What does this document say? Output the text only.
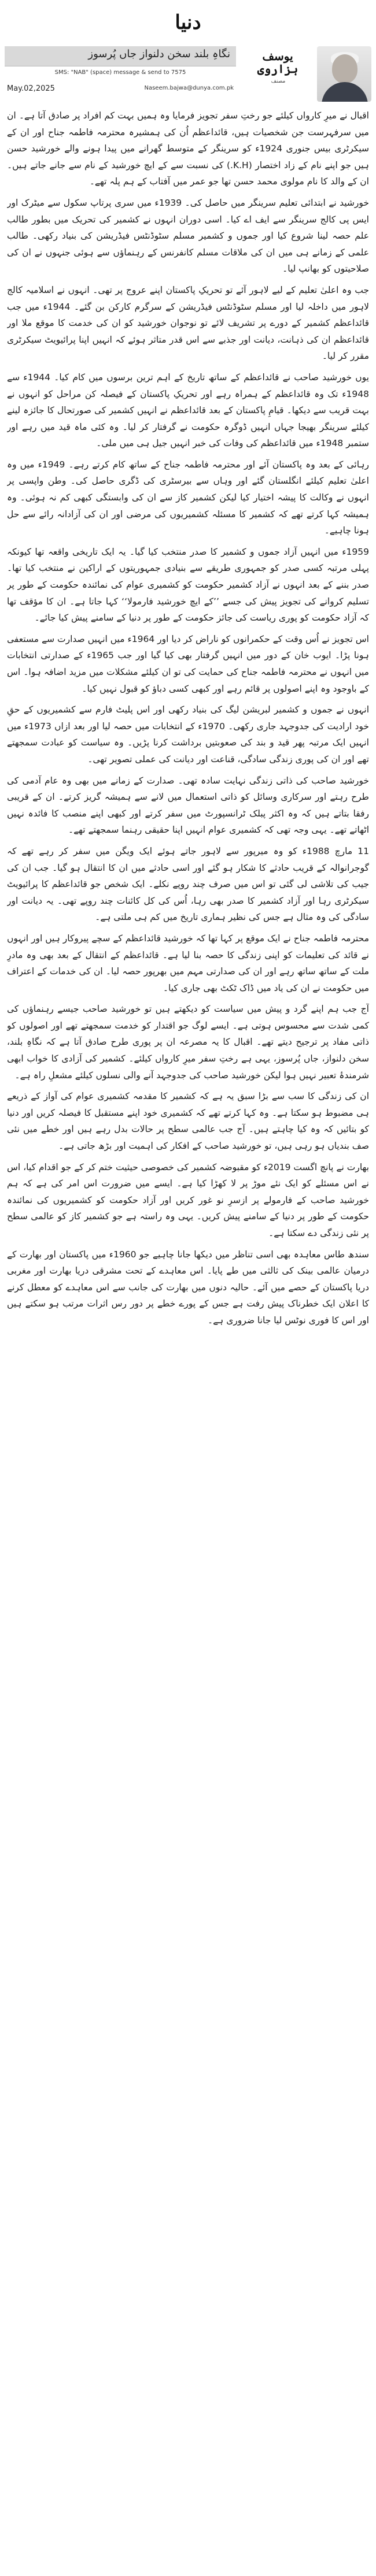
دنیا
نگاہِ بلند سخن دلنواز جاں پُرسوز
SMS: "NAB" (space) message & send to 7575
May.02,2025	Naseem.bajwa@dunya.com.pk
یوسف
ہزاروی
مصنف

اقبال نے میرِ کارواں کیلئے جو رختِ سفر تجویز فرمایا وہ ہمیں بہت کم افراد پر صادق آتا ہے۔ ان میں سرفہرست جن شخصیات ہیں، قائداعظم اُن کی ہمشیرہ محترمہ فاطمہ جناح اور ان کے سیکرٹری بیس جنوری 1924ء کو سرینگر کے متوسط گھرانے میں پیدا ہونے والے خورشید حسن ہیں جو اپنے نام کے زاد اختصار (K.H.) کی نسبت سے کے ایچ خورشید کے نام سے جانے جاتے ہیں۔ ان کے والد کا نام مولوی محمد حسن تھا جو عمر میں آفتاب کے ہم پلہ تھے۔

خورشید نے ابتدائی تعلیم سرینگر میں حاصل کی۔ 1939ء میں سری پرتاپ سکول سے میٹرک اور ایس پی کالج سرینگر سے ایف اے کیا۔ اسی دوران انہوں نے کشمیر کی تحریک میں بطور طالب علم حصہ لینا شروع کیا اور جموں و کشمیر مسلم سٹوڈنٹس فیڈریشن کی بنیاد رکھی۔ طالب علمی کے زمانے ہی میں ان کی ملاقات مسلم کانفرنس کے رہنماؤں سے ہوئی جنہوں نے ان کی صلاحیتوں کو بھانپ لیا۔

جب وہ اعلیٰ تعلیم کے لیے لاہور آئے تو تحریکِ پاکستان اپنے عروج پر تھی۔ انہوں نے اسلامیہ کالج لاہور میں داخلہ لیا اور مسلم سٹوڈنٹس فیڈریشن کے سرگرم کارکن بن گئے۔ 1944ء میں جب قائداعظم کشمیر کے دورے پر تشریف لائے تو نوجوان خورشید کو ان کی خدمت کا موقع ملا اور قائداعظم ان کی ذہانت، دیانت اور جذبے سے اس قدر متاثر ہوئے کہ انہیں اپنا پرائیویٹ سیکرٹری مقرر کر لیا۔

یوں خورشید صاحب نے قائداعظم کے ساتھ تاریخ کے اہم ترین برسوں میں کام کیا۔ 1944ء سے 1948ء تک وہ قائداعظم کے ہمراہ رہے اور تحریکِ پاکستان کے فیصلہ کن مراحل کو انہوں نے بہت قریب سے دیکھا۔ قیامِ پاکستان کے بعد قائداعظم نے انہیں کشمیر کی صورتحال کا جائزہ لینے کیلئے سرینگر بھیجا جہاں انہیں ڈوگرہ حکومت نے گرفتار کر لیا۔ وہ کئی ماہ قید میں رہے اور ستمبر 1948ء میں قائداعظم کی وفات کی خبر انہیں جیل ہی میں ملی۔

رہائی کے بعد وہ پاکستان آئے اور محترمہ فاطمہ جناح کے ساتھ کام کرتے رہے۔ 1949ء میں وہ اعلیٰ تعلیم کیلئے انگلستان گئے اور وہاں سے بیرسٹری کی ڈگری حاصل کی۔ وطن واپسی پر انہوں نے وکالت کا پیشہ اختیار کیا لیکن کشمیر کاز سے ان کی وابستگی کبھی کم نہ ہوئی۔ وہ ہمیشہ کہا کرتے تھے کہ کشمیر کا مسئلہ کشمیریوں کی مرضی اور ان کی آزادانہ رائے سے حل ہونا چاہیے۔

1959ء میں انہیں آزاد جموں و کشمیر کا صدر منتخب کیا گیا۔ یہ ایک تاریخی واقعہ تھا کیونکہ پہلی مرتبہ کسی صدر کو جمہوری طریقے سے بنیادی جمہوریتوں کے اراکین نے منتخب کیا تھا۔ صدر بننے کے بعد انہوں نے آزاد کشمیر حکومت کو کشمیری عوام کی نمائندہ حکومت کے طور پر تسلیم کروانے کی تجویز پیش کی جسے ’’کے ایچ خورشید فارمولا‘‘ کہا جاتا ہے۔ ان کا مؤقف تھا کہ آزاد حکومت کو پوری ریاست کی جائز حکومت کے طور پر دنیا کے سامنے پیش کیا جائے۔

اس تجویز نے اُس وقت کے حکمرانوں کو ناراض کر دیا اور 1964ء میں انہیں صدارت سے مستعفی ہونا پڑا۔ ایوب خان کے دور میں انہیں گرفتار بھی کیا گیا اور جب 1965ء کے صدارتی انتخابات میں انہوں نے محترمہ فاطمہ جناح کی حمایت کی تو ان کیلئے مشکلات میں مزید اضافہ ہوا۔ اس کے باوجود وہ اپنے اصولوں پر قائم رہے اور کبھی کسی دباؤ کو قبول نہیں کیا۔

انہوں نے جموں و کشمیر لبریشن لیگ کی بنیاد رکھی اور اس پلیٹ فارم سے کشمیریوں کے حقِ خود ارادیت کی جدوجہد جاری رکھی۔ 1970ء کے انتخابات میں حصہ لیا اور بعد ازاں 1973ء میں انہیں ایک مرتبہ پھر قید و بند کی صعوبتیں برداشت کرنا پڑیں۔ وہ سیاست کو عبادت سمجھتے تھے اور ان کی پوری زندگی سادگی، قناعت اور دیانت کی عملی تصویر تھی۔

خورشید صاحب کی ذاتی زندگی نہایت سادہ تھی۔ صدارت کے زمانے میں بھی وہ عام آدمی کی طرح رہتے اور سرکاری وسائل کو ذاتی استعمال میں لانے سے ہمیشہ گریز کرتے۔ ان کے قریبی رفقا بتاتے ہیں کہ وہ اکثر پبلک ٹرانسپورٹ میں سفر کرتے اور کبھی اپنے منصب کا فائدہ نہیں اٹھاتے تھے۔ یہی وجہ تھی کہ کشمیری عوام انہیں اپنا حقیقی رہنما سمجھتے تھے۔

11 مارچ 1988ء کو وہ میرپور سے لاہور جاتے ہوئے ایک ویگن میں سفر کر رہے تھے کہ گوجرانوالہ کے قریب حادثے کا شکار ہو گئے اور اسی حادثے میں ان کا انتقال ہو گیا۔ جب ان کی جیب کی تلاشی لی گئی تو اس میں صرف چند روپے نکلے۔ ایک شخص جو قائداعظم کا پرائیویٹ سیکرٹری رہا اور آزاد کشمیر کا صدر بھی رہا، اُس کی کل کائنات چند روپے تھی۔ یہ دیانت اور سادگی کی وہ مثال ہے جس کی نظیر ہماری تاریخ میں کم ہی ملتی ہے۔

محترمہ فاطمہ جناح نے ایک موقع پر کہا تھا کہ خورشید قائداعظم کے سچے پیروکار ہیں اور انہوں نے قائد کی تعلیمات کو اپنی زندگی کا حصہ بنا لیا ہے۔ قائداعظم کے انتقال کے بعد بھی وہ مادرِ ملت کے ساتھ ساتھ رہے اور ان کی صدارتی مہم میں بھرپور حصہ لیا۔ ان کی خدمات کے اعتراف میں حکومت نے ان کی یاد میں ڈاک ٹکٹ بھی جاری کیا۔

آج جب ہم اپنے گرد و پیش میں سیاست کو دیکھتے ہیں تو خورشید صاحب جیسے رہنماؤں کی کمی شدت سے محسوس ہوتی ہے۔ ایسے لوگ جو اقتدار کو خدمت سمجھتے تھے اور اصولوں کو ذاتی مفاد پر ترجیح دیتے تھے۔ اقبال کا یہ مصرعہ ان پر پوری طرح صادق آتا ہے کہ نگاہِ بلند، سخن دلنواز، جاں پُرسوز، یہی ہے رختِ سفر میرِ کارواں کیلئے۔ کشمیر کی آزادی کا خواب ابھی شرمندۂ تعبیر نہیں ہوا لیکن خورشید صاحب کی جدوجہد آنے والی نسلوں کیلئے مشعلِ راہ ہے۔

ان کی زندگی کا سب سے بڑا سبق یہ ہے کہ کشمیر کا مقدمہ کشمیری عوام کی آواز کے ذریعے ہی مضبوط ہو سکتا ہے۔ وہ کہا کرتے تھے کہ کشمیری خود اپنے مستقبل کا فیصلہ کریں اور دنیا کو بتائیں کہ وہ کیا چاہتے ہیں۔ آج جب عالمی سطح پر حالات بدل رہے ہیں اور خطے میں نئی صف بندیاں ہو رہی ہیں، تو خورشید صاحب کے افکار کی اہمیت اور بڑھ جاتی ہے۔

بھارت نے پانچ اگست 2019ء کو مقبوضہ کشمیر کی خصوصی حیثیت ختم کر کے جو اقدام کیا، اس نے اس مسئلے کو ایک نئے موڑ پر لا کھڑا کیا ہے۔ ایسے میں ضرورت اس امر کی ہے کہ ہم خورشید صاحب کے فارمولے پر ازسرِ نو غور کریں اور آزاد حکومت کو کشمیریوں کی نمائندہ حکومت کے طور پر دنیا کے سامنے پیش کریں۔ یہی وہ راستہ ہے جو کشمیر کاز کو عالمی سطح پر نئی زندگی دے سکتا ہے۔

سندھ طاس معاہدہ بھی اسی تناظر میں دیکھا جانا چاہیے جو 1960ء میں پاکستان اور بھارت کے درمیان عالمی بینک کی ثالثی میں طے پایا۔ اس معاہدے کے تحت مشرقی دریا بھارت اور مغربی دریا پاکستان کے حصے میں آئے۔ حالیہ دنوں میں بھارت کی جانب سے اس معاہدے کو معطل کرنے کا اعلان ایک خطرناک پیش رفت ہے جس کے پورے خطے پر دور رس اثرات مرتب ہو سکتے ہیں اور اس کا فوری نوٹس لیا جانا ضروری ہے۔
